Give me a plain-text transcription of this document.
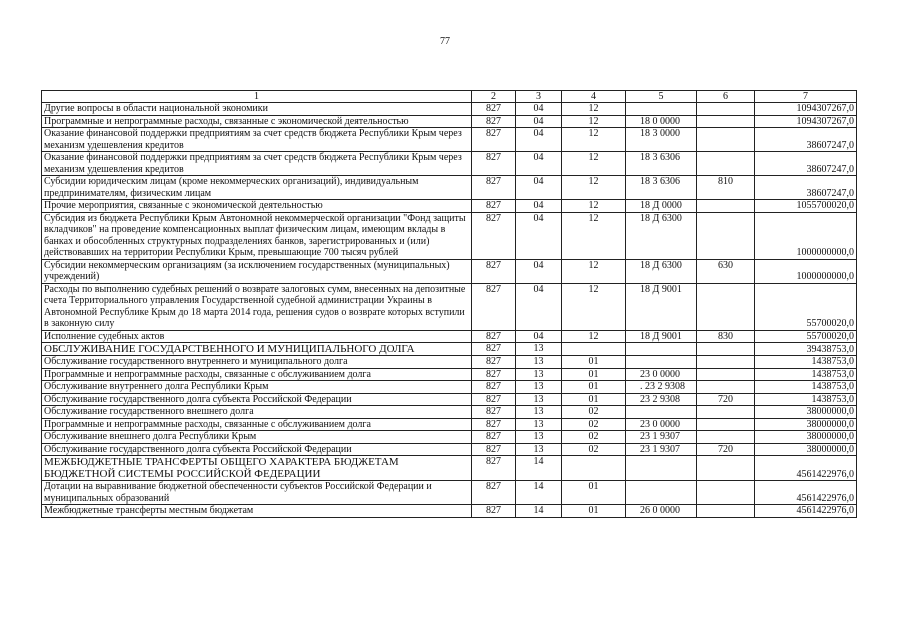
77
1	2	3	4	5	6	7
Другие вопросы в области национальной экономики	827	04	12			1094307267,0
Программные и непрограммные расходы, связанные с экономической деятельностью	827	04	12	18 0 0000		1094307267,0
Оказание финансовой поддержки предприятиям за счет средств бюджета Республики Крым через механизм удешевления кредитов	827	04	12	18 3 0000		38607247,0
Оказание финансовой поддержки предприятиям за счет средств бюджета Республики Крым через механизм удешевления кредитов	827	04	12	18 3 6306		38607247,0
Субсидии юридическим лицам (кроме некоммерческих организаций), индивидуальным предпринимателям, физическим лицам	827	04	12	18 3 6306	810	38607247,0
Прочие мероприятия, связанные с экономической деятельностью	827	04	12	18 Д 0000		1055700020,0
Субсидия из бюджета Республики Крым Автономной некоммерческой организации "Фонд защиты вкладчиков" на проведение компенсационных выплат физическим лицам, имеющим вклады в банках и обособленных структурных подразделениях банков, зарегистрированных и (или) действовавших на территории Республики Крым, превышающие 700 тысяч рублей	827	04	12	18 Д 6300		1000000000,0
Субсидии некоммерческим организациям (за исключением государственных (муниципальных) учреждений)	827	04	12	18 Д 6300	630	1000000000,0
Расходы по выполнению судебных решений о возврате залоговых сумм, внесенных на депозитные счета Территориального управления Государственной судебной администрации Украины в Автономной Республике Крым до 18 марта 2014 года, решения судов о возврате которых вступили в законную силу	827	04	12	18 Д 9001		55700020,0
Исполнение судебных актов	827	04	12	18 Д 9001	830	55700020,0
ОБСЛУЖИВАНИЕ ГОСУДАРСТВЕННОГО И МУНИЦИПАЛЬНОГО ДОЛГА	827	13				39438753,0
Обслуживание государственного внутреннего и муниципального долга	827	13	01			1438753,0
Программные и непрограммные расходы, связанные с обслуживанием долга	827	13	01	23 0 0000		1438753,0
Обслуживание внутреннего долга Республики Крым	827	13	01	. 23 2 9308		1438753,0
Обслуживание государственного долга субъекта Российской Федерации	827	13	01	23 2 9308	720	1438753,0
Обслуживание государственного внешнего долга	827	13	02			38000000,0
Программные и непрограммные расходы, связанные с обслуживанием долга	827	13	02	23 0 0000		38000000,0
Обслуживание внешнего долга Республики Крым	827	13	02	23 1 9307		38000000,0
Обслуживание государственного долга субъекта Российской Федерации	827	13	02	23 1 9307	720	38000000,0
МЕЖБЮДЖЕТНЫЕ ТРАНСФЕРТЫ ОБЩЕГО ХАРАКТЕРА БЮДЖЕТАМ БЮДЖЕТНОЙ СИСТЕМЫ РОССИЙСКОЙ ФЕДЕРАЦИИ	827	14				4561422976,0
Дотации на выравнивание бюджетной обеспеченности субъектов Российской Федерации и муниципальных образований	827	14	01			4561422976,0
Межбюджетные трансферты местным бюджетам	827	14	01	26 0 0000		4561422976,0
